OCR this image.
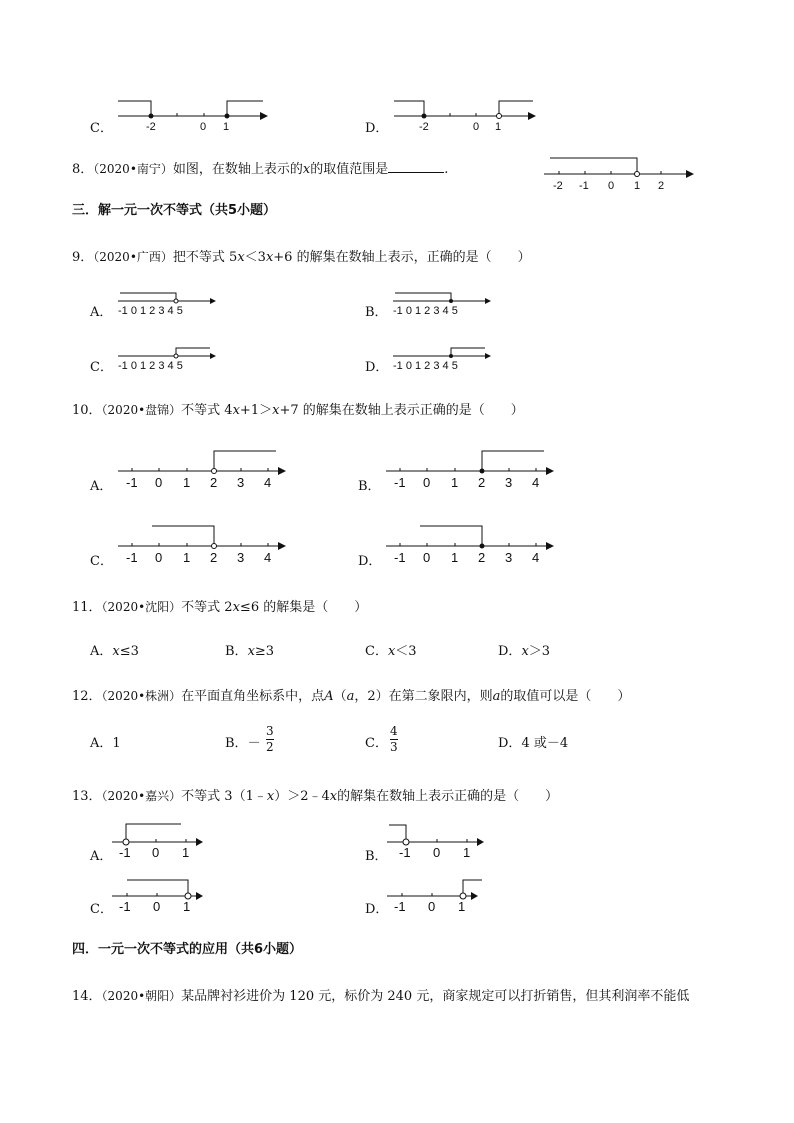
C．	-2	0 1	D．	-2	0 1
8．（2020•南宁）如图，在数轴上表示的x的取值范围是	.
-2 -1 0 1 2
三．解一元一次不等式（共5小题）
9．（2020•广西）把不等式 5x＜3x+6 的解集在数轴上表示，正确的是（　　）
A． -1 0 1 2 3 4 5	B． -1 0 1 2 3 4 5
C． -1 0 1 2 3 4 5	D． -1 0 1 2 3 4 5
10．（2020•盘锦）不等式 4x+1＞x+7 的解集在数轴上表示正确的是（　　）
A． -1 0 1 2 3 4	B． -1 0 1 2 3 4
C． -1 0 1 2 3 4	D． -1 0 1 2 3 4
11．（2020•沈阳）不等式 2x≤6 的解集是（　　）
A．x≤3	B．x≥3	C．x＜3	D．x＞3
12．（2020•株洲）在平面直角坐标系中，点A（a，2）在第二象限内，则a的取值可以是（　　）
A．1	B．－
3
2	C．
4
3	D．4 或－4
13．（2020•嘉兴）不等式 3（1﹣x）＞2﹣4x的解集在数轴上表示正确的是（　　）
A． -1 0 1	B． -1 0 1
C． -1 0 1	D． -1 0 1
四．一元一次不等式的应用（共6小题）
14．（2020•朝阳）某品牌衬衫进价为 120 元，标价为 240 元，商家规定可以打折销售，但其利润率不能低
